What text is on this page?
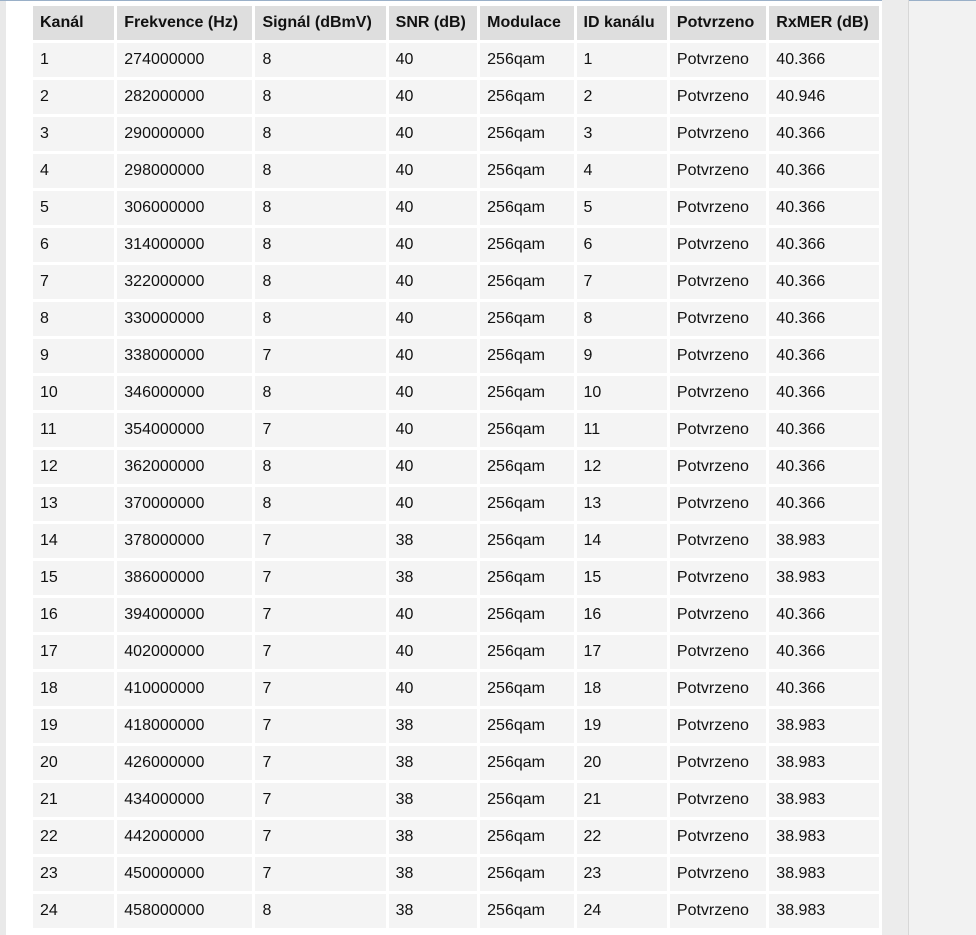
Kanál	Frekvence (Hz)	Signál (dBmV)	SNR (dB)	Modulace	ID kanálu	Potvrzeno	RxMER (dB)
1	274000000	8	40	256qam	1	Potvrzeno	40.366
2	282000000	8	40	256qam	2	Potvrzeno	40.946
3	290000000	8	40	256qam	3	Potvrzeno	40.366
4	298000000	8	40	256qam	4	Potvrzeno	40.366
5	306000000	8	40	256qam	5	Potvrzeno	40.366
6	314000000	8	40	256qam	6	Potvrzeno	40.366
7	322000000	8	40	256qam	7	Potvrzeno	40.366
8	330000000	8	40	256qam	8	Potvrzeno	40.366
9	338000000	7	40	256qam	9	Potvrzeno	40.366
10	346000000	8	40	256qam	10	Potvrzeno	40.366
11	354000000	7	40	256qam	11	Potvrzeno	40.366
12	362000000	8	40	256qam	12	Potvrzeno	40.366
13	370000000	8	40	256qam	13	Potvrzeno	40.366
14	378000000	7	38	256qam	14	Potvrzeno	38.983
15	386000000	7	38	256qam	15	Potvrzeno	38.983
16	394000000	7	40	256qam	16	Potvrzeno	40.366
17	402000000	7	40	256qam	17	Potvrzeno	40.366
18	410000000	7	40	256qam	18	Potvrzeno	40.366
19	418000000	7	38	256qam	19	Potvrzeno	38.983
20	426000000	7	38	256qam	20	Potvrzeno	38.983
21	434000000	7	38	256qam	21	Potvrzeno	38.983
22	442000000	7	38	256qam	22	Potvrzeno	38.983
23	450000000	7	38	256qam	23	Potvrzeno	38.983
24	458000000	8	38	256qam	24	Potvrzeno	38.983
